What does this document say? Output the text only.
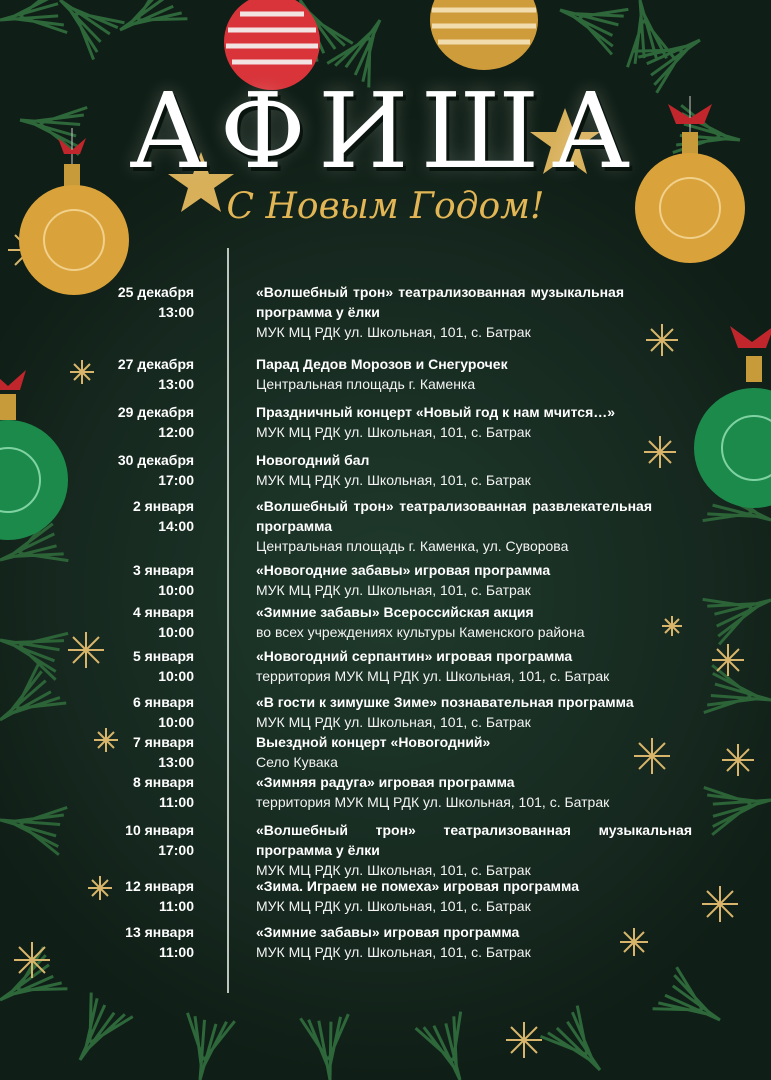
АФИША
С Новым Годом!
25 декабря
13:00
«Волшебный трон» театрализованная музыкальная программа у ёлки
МУК МЦ РДК ул. Школьная, 101, с. Батрак
27 декабря
13:00
Парад Дедов Морозов и Снегурочек
Центральная площадь г. Каменка
29 декабря
12:00
Праздничный концерт «Новый год к нам мчится…»
МУК МЦ РДК ул. Школьная, 101, с. Батрак
30 декабря
17:00
Новогодний бал
МУК МЦ РДК ул. Школьная, 101, с. Батрак
2 января
14:00
«Волшебный трон» театрализованная развлекательная программа
Центральная площадь г. Каменка, ул. Суворова
3 января
10:00
«Новогодние забавы» игровая программа
МУК МЦ РДК ул. Школьная, 101, с. Батрак
4 января
10:00
«Зимние забавы» Всероссийская акция
во всех учреждениях культуры Каменского района
5 января
10:00
«Новогодний серпантин» игровая программа
территория МУК МЦ РДК ул. Школьная, 101, с. Батрак
6 января
10:00
«В гости к зимушке Зиме» познавательная программа
МУК МЦ РДК ул. Школьная, 101, с. Батрак
7 января
13:00
Выездной концерт «Новогодний»
Село Кувака
8 января
11:00
«Зимняя радуга» игровая программа
территория МУК МЦ РДК ул. Школьная, 101, с. Батрак
10 января
17:00
«Волшебный трон» театрализованная музыкальная программа у ёлки
МУК МЦ РДК ул. Школьная, 101, с. Батрак
12 января
11:00
«Зима. Играем не помеха» игровая программа
МУК МЦ РДК ул. Школьная, 101, с. Батрак
13 января
11:00
«Зимние забавы» игровая программа
МУК МЦ РДК ул. Школьная, 101, с. Батрак
